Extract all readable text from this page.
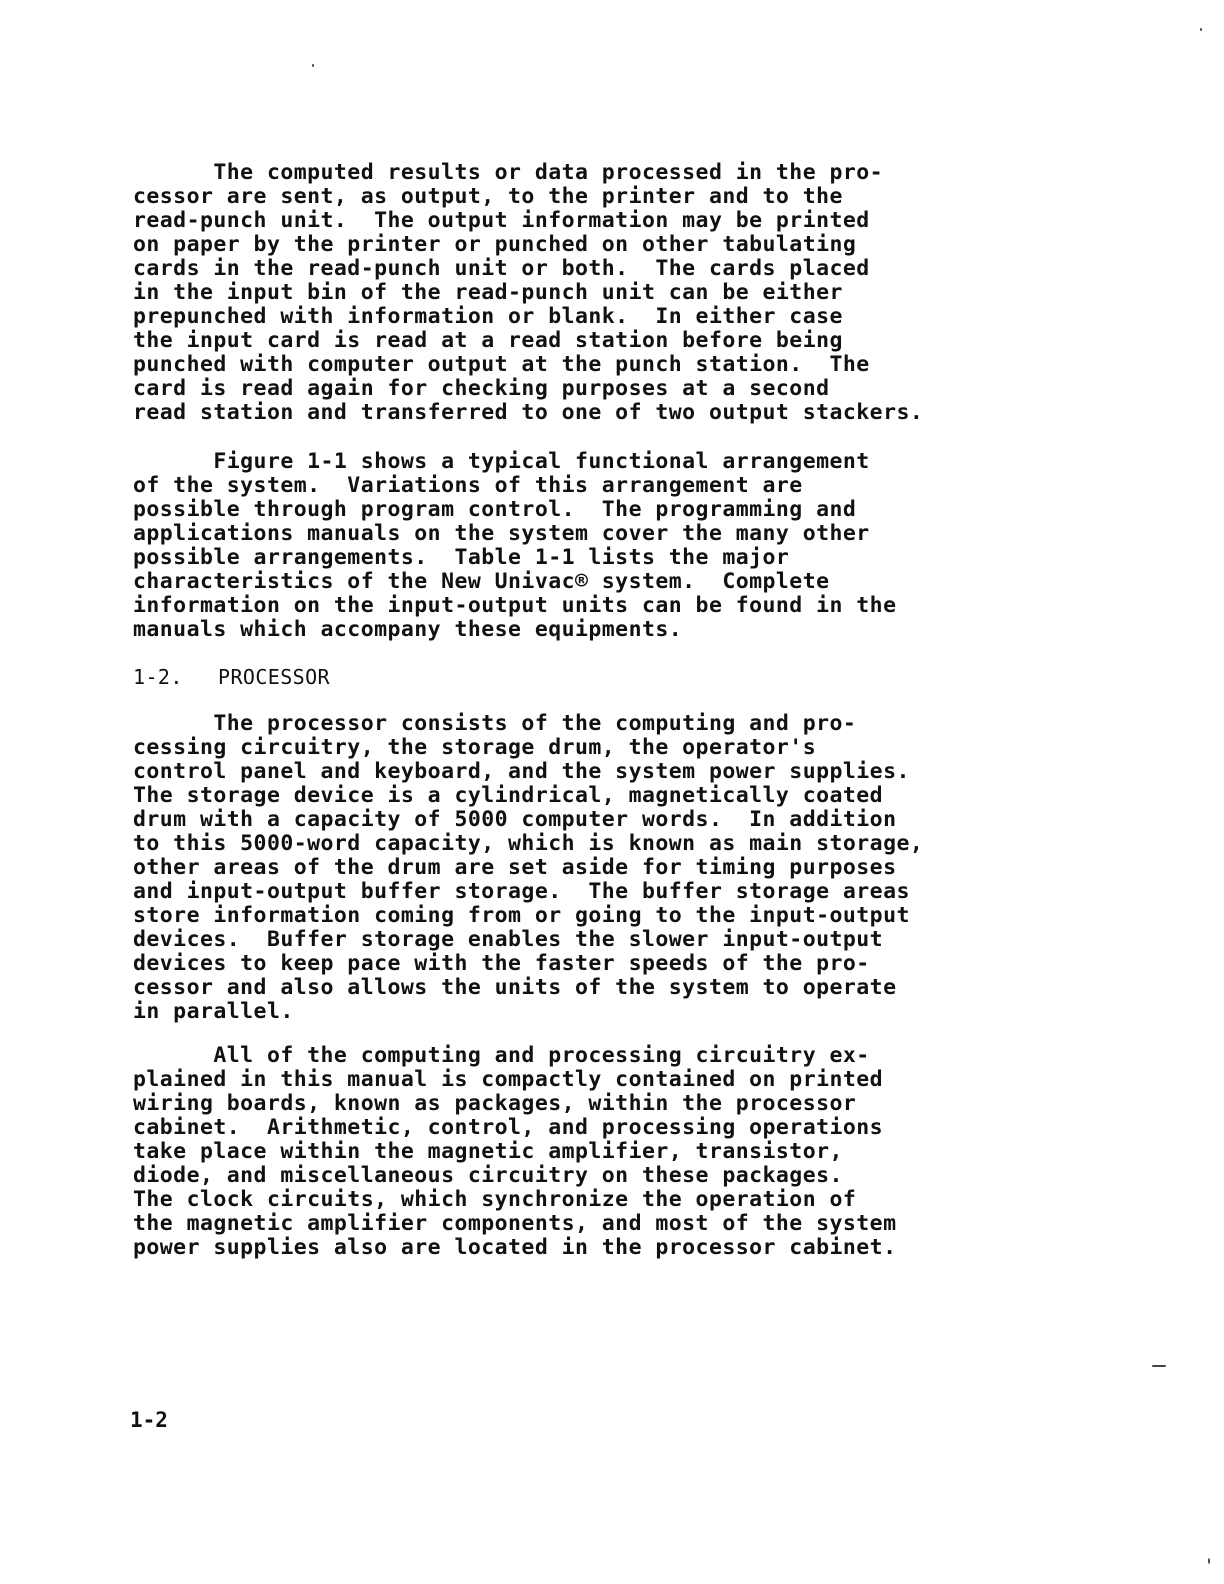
The computed results or data processed in the pro-
cessor are sent, as output, to the printer and to the
read-punch unit.  The output information may be printed
on paper by the printer or punched on other tabulating
cards in the read-punch unit or both.  The cards placed
in the input bin of the read-punch unit can be either
prepunched with information or blank.  In either case
the input card is read at a read station before being
punched with computer output at the punch station.  The
card is read again for checking purposes at a second
read station and transferred to one of two output stackers.

Figure 1-1 shows a typical functional arrangement
of the system.  Variations of this arrangement are
possible through program control.  The programming and
applications manuals on the system cover the many other
possible arrangements.  Table 1-1 lists the major
characteristics of the New Univac® system.  Complete
information on the input-output units can be found in the
manuals which accompany these equipments.

1-2. PROCESSOR

The processor consists of the computing and pro-
cessing circuitry, the storage drum, the operator's
control panel and keyboard, and the system power supplies.
The storage device is a cylindrical, magnetically coated
drum with a capacity of 5000 computer words.  In addition
to this 5000-word capacity, which is known as main storage,
other areas of the drum are set aside for timing purposes
and input-output buffer storage.  The buffer storage areas
store information coming from or going to the input-output
devices.  Buffer storage enables the slower input-output
devices to keep pace with the faster speeds of the pro-
cessor and also allows the units of the system to operate
in parallel.

All of the computing and processing circuitry ex-
plained in this manual is compactly contained on printed
wiring boards, known as packages, within the processor
cabinet.  Arithmetic, control, and processing operations
take place within the magnetic amplifier, transistor,
diode, and miscellaneous circuitry on these packages.
The clock circuits, which synchronize the operation of
the magnetic amplifier components, and most of the system
power supplies also are located in the processor cabinet.

1-2
